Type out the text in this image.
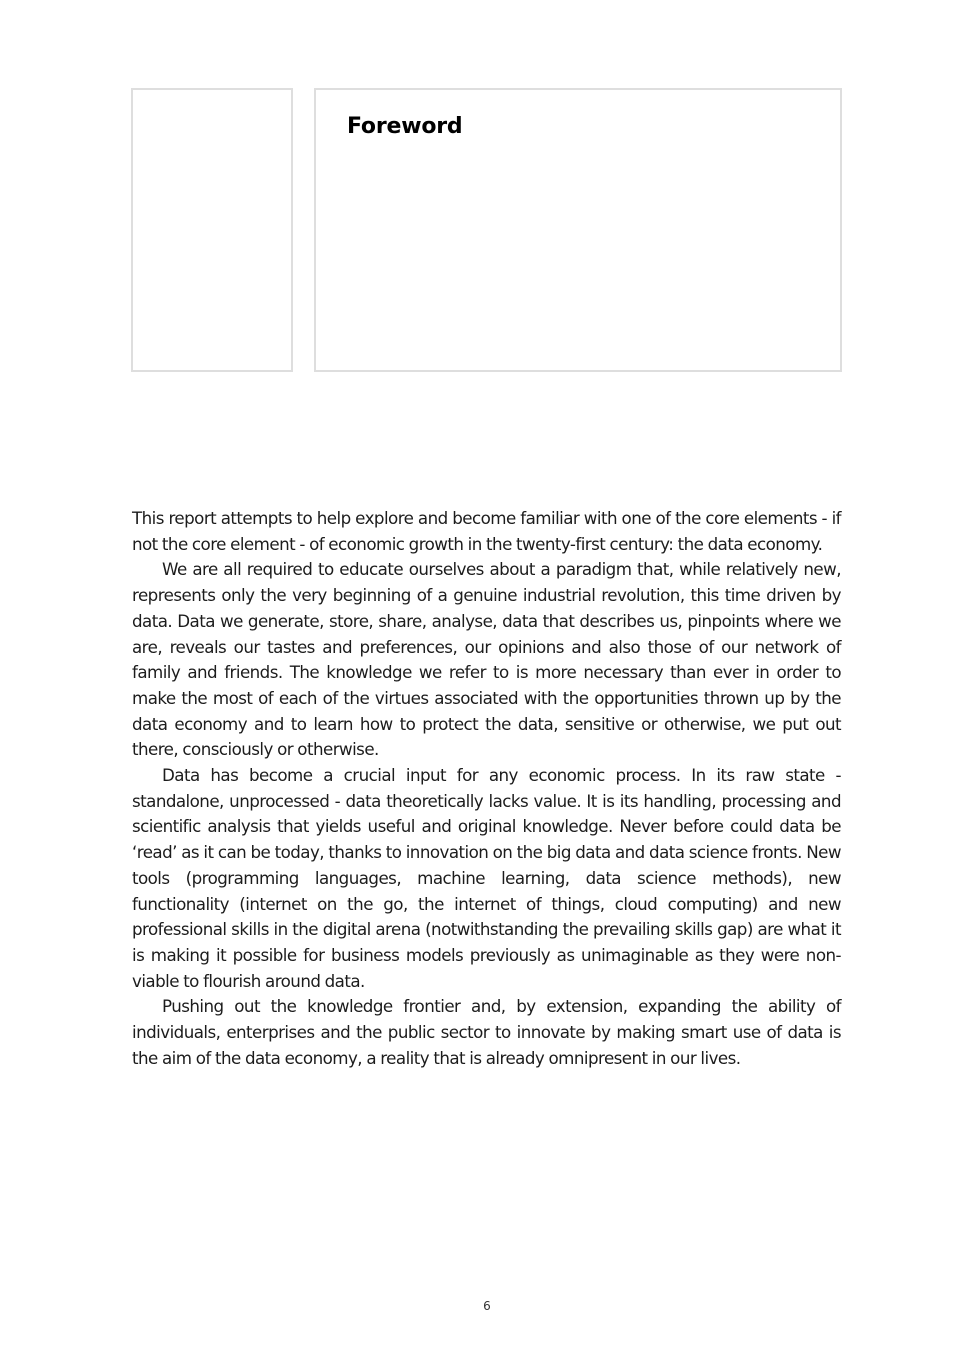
Foreword

This report attempts to help explore and become familiar with one of the core elements - if not the core element - of economic growth in the twenty-first century: the data economy.

We are all required to educate ourselves about a paradigm that, while relatively new, represents only the very beginning of a genuine industrial revolution, this time driven by data. Data we generate, store, share, analyse, data that describes us, pinpoints where we are, reveals our tastes and preferences, our opinions and also those of our network of family and friends. The knowledge we refer to is more necessary than ever in order to make the most of each of the virtues associated with the opportunities thrown up by the data economy and to learn how to protect the data, sensitive or otherwise, we put out there, consciously or otherwise.

Data has become a crucial input for any economic process. In its raw state - standalone, unprocessed - data theoretically lacks value. It is its handling, processing and scientific analysis that yields useful and original knowledge. Never before could data be ‘read’ as it can be today, thanks to innovation on the big data and data science fronts. New tools (programming languages, machine learning, data science methods), new functionality (internet on the go, the internet of things, cloud computing) and new professional skills in the digital arena (notwithstanding the prevailing skills gap) are what it is making it possible for business models previously as unimaginable as they were non-viable to flourish around data.

Pushing out the knowledge frontier and, by extension, expanding the ability of individuals, enterprises and the public sector to innovate by making smart use of data is the aim of the data economy, a reality that is already omnipresent in our lives.

6
